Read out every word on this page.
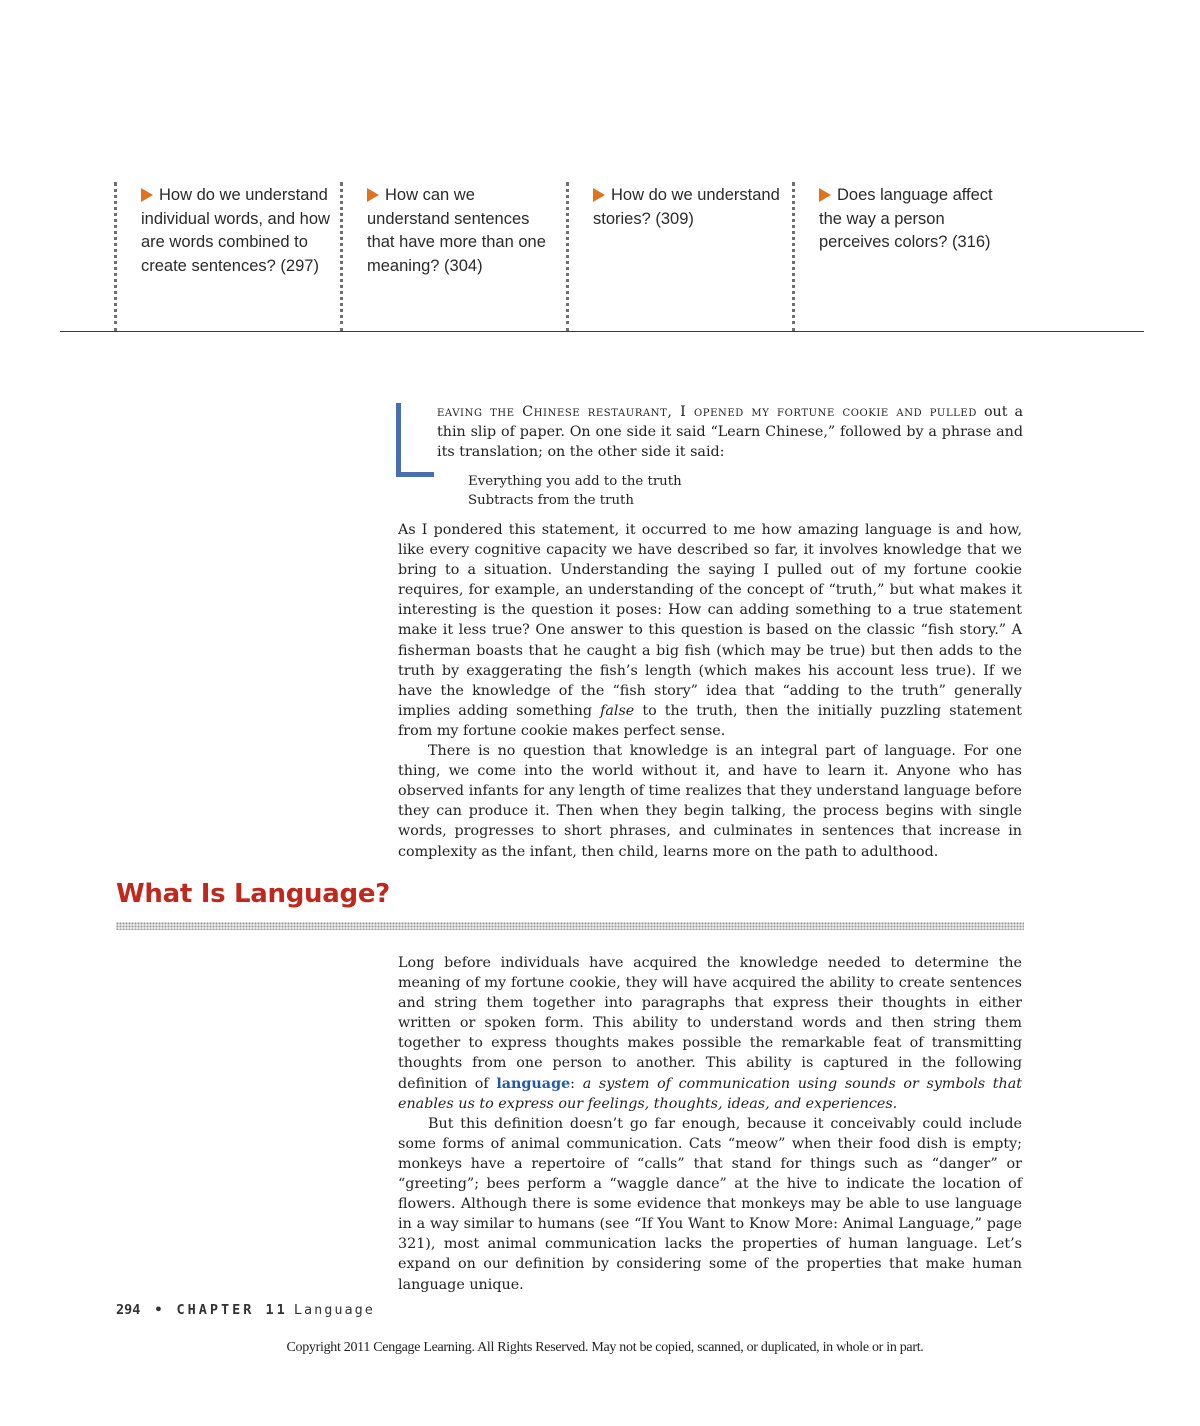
How do we understand individual words, and how are words combined to create sentences? (297)
How can we understand sentences that have more than one meaning? (304)
How do we understand stories? (309)
Does language affect the way a person perceives colors? (316)
eaving the Chinese restaurant, I opened my fortune cookie and pulled out a thin slip of paper. On one side it said “Learn Chinese,” followed by a phrase and its translation; on the other side it said:
Everything you add to the truth
Subtracts from the truth

As I pondered this statement, it occurred to me how amazing language is and how, like every cognitive capacity we have described so far, it involves knowledge that we bring to a situation. Understanding the saying I pulled out of my fortune cookie requires, for example, an understanding of the concept of “truth,” but what makes it interesting is the question it poses: How can adding something to a true statement make it less true? One answer to this question is based on the classic “fish story.” A fisherman boasts that he caught a big fish (which may be true) but then adds to the truth by exaggerating the fish’s length (which makes his account less true). If we have the knowledge of the “fish story” idea that “adding to the truth” generally implies adding something false to the truth, then the initially puzzling statement from my fortune cookie makes perfect sense.

There is no question that knowledge is an integral part of language. For one thing, we come into the world without it, and have to learn it. Anyone who has observed infants for any length of time realizes that they understand language before they can produce it. Then when they begin talking, the process begins with single words, progresses to short phrases, and culminates in sentences that increase in complexity as the infant, then child, learns more on the path to adulthood.

What Is Language?

Long before individuals have acquired the knowledge needed to determine the meaning of my fortune cookie, they will have acquired the ability to create sentences and string them together into paragraphs that express their thoughts in either written or spoken form. This ability to understand words and then string them together to express thoughts makes possible the remarkable feat of transmitting thoughts from one person to another. This ability is captured in the following definition of language: a system of communication using sounds or symbols that enables us to express our feelings, thoughts, ideas, and experiences.

But this definition doesn’t go far enough, because it conceivably could include some forms of animal communication. Cats “meow” when their food dish is empty; monkeys have a repertoire of “calls” that stand for things such as “danger” or “greeting”; bees perform a “waggle dance” at the hive to indicate the location of flowers. Although there is some evidence that monkeys may be able to use language in a way similar to humans (see “If You Want to Know More: Animal Language,” page 321), most animal communication lacks the properties of human language. Let’s expand on our definition by considering some of the properties that make human language unique.

294 • CHAPTER 11 Language
Copyright 2011 Cengage Learning. All Rights Reserved. May not be copied, scanned, or duplicated, in whole or in part.
